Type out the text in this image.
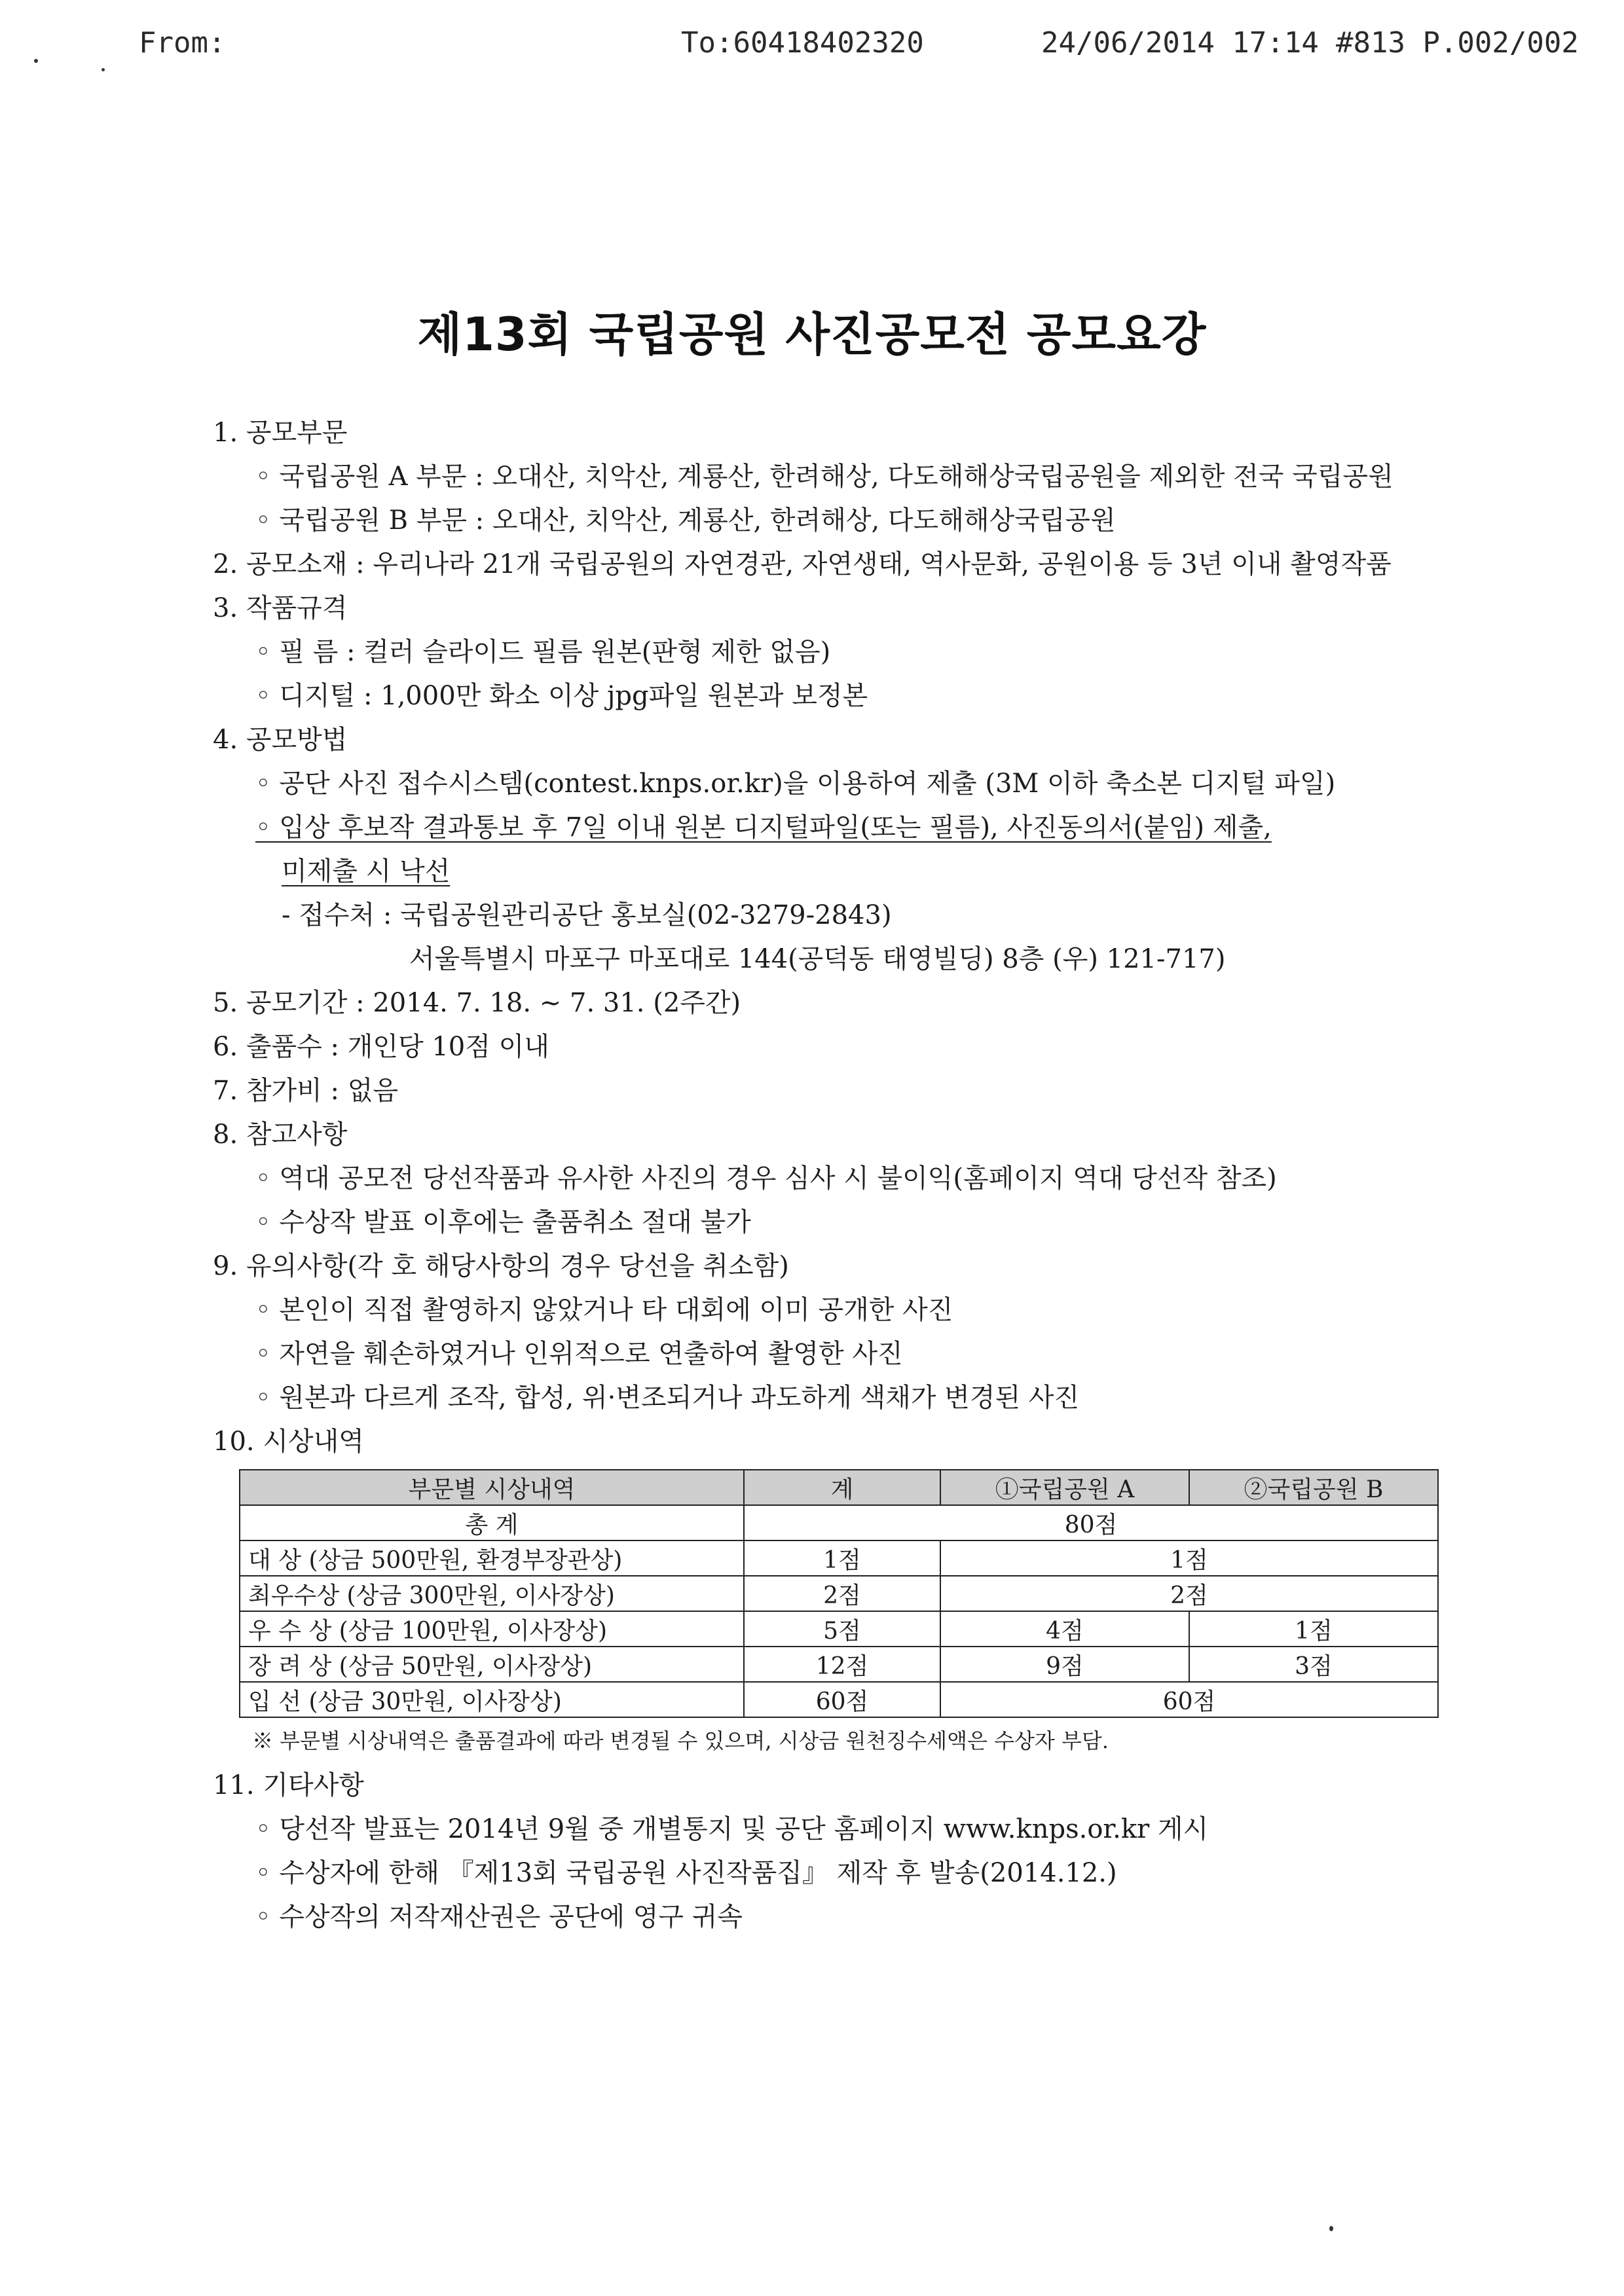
From:	To:60418402320	24/06/2014 17:14 #813 P.002/002
제13회 국립공원 사진공모전 공모요강
1. 공모부문
◦ 국립공원 A 부문 : 오대산, 치악산, 계룡산, 한려해상, 다도해해상국립공원을 제외한 전국 국립공원
◦ 국립공원 B 부문 : 오대산, 치악산, 계룡산, 한려해상, 다도해해상국립공원
2. 공모소재 : 우리나라 21개 국립공원의 자연경관, 자연생태, 역사문화, 공원이용 등 3년 이내 촬영작품
3. 작품규격
◦ 필 름 : 컬러 슬라이드 필름 원본(판형 제한 없음)
◦ 디지털 : 1,000만 화소 이상 jpg파일 원본과 보정본
4. 공모방법
◦ 공단 사진 접수시스템(contest.knps.or.kr)을 이용하여 제출 (3M 이하 축소본 디지털 파일)
◦ 입상 후보작 결과통보 후 7일 이내 원본 디지털파일(또는 필름), 사진동의서(붙임) 제출,
미제출 시 낙선
- 접수처 : 국립공원관리공단 홍보실(02-3279-2843)
서울특별시 마포구 마포대로 144(공덕동 태영빌딩) 8층 (우) 121-717)
5. 공모기간 : 2014. 7. 18. ~ 7. 31. (2주간)
6. 출품수 : 개인당 10점 이내
7. 참가비 : 없음
8. 참고사항
◦ 역대 공모전 당선작품과 유사한 사진의 경우 심사 시 불이익(홈페이지 역대 당선작 참조)
◦ 수상작 발표 이후에는 출품취소 절대 불가
9. 유의사항(각 호 해당사항의 경우 당선을 취소함)
◦ 본인이 직접 촬영하지 않았거나 타 대회에 이미 공개한 사진
◦ 자연을 훼손하였거나 인위적으로 연출하여 촬영한 사진
◦ 원본과 다르게 조작, 합성, 위·변조되거나 과도하게 색채가 변경된 사진
10. 시상내역
부문별 시상내역	계	①국립공원 A	②국립공원 B
총 계	80점		
대 상 (상금 500만원, 환경부장관상)	1점	1점	
최우수상 (상금 300만원, 이사장상)	2점	2점	
우 수 상 (상금 100만원, 이사장상)	5점	4점	1점
장 려 상 (상금 50만원, 이사장상)	12점	9점	3점
입 선 (상금 30만원, 이사장상)	60점	60점	
※ 부문별 시상내역은 출품결과에 따라 변경될 수 있으며, 시상금 원천징수세액은 수상자 부담.
11. 기타사항
◦ 당선작 발표는 2014년 9월 중 개별통지 및 공단 홈페이지 www.knps.or.kr 게시
◦ 수상자에 한해 『제13회 국립공원 사진작품집』 제작 후 발송(2014.12.)
◦ 수상작의 저작재산권은 공단에 영구 귀속
